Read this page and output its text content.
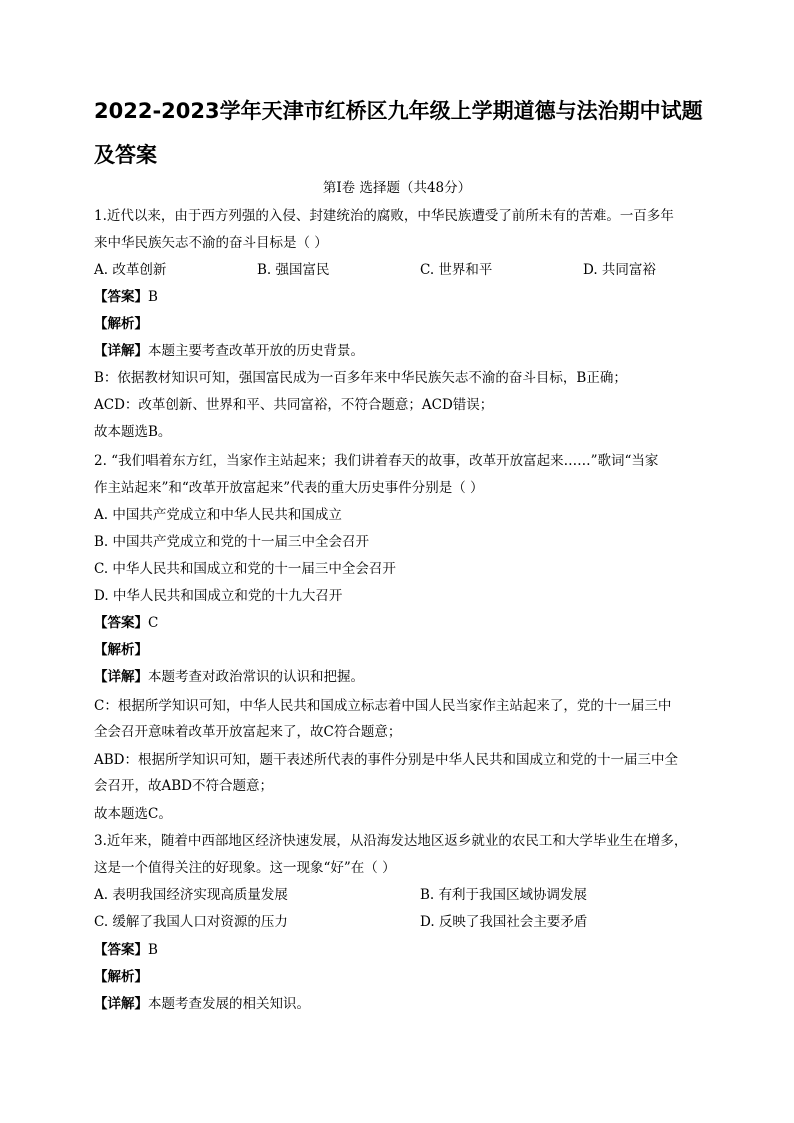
2022-2023学年天津市红桥区九年级上学期道德与法治期中试题
及答案
第Ⅰ卷 选择题（共48分）
1.近代以来，由于西方列强的入侵、封建统治的腐败，中华民族遭受了前所未有的苦难。一百多年
来中华民族矢志不渝的奋斗目标是（ ）
A. 改革创新	B. 强国富民	C. 世界和平	D. 共同富裕
【答案】B
【解析】
【详解】本题主要考查改革开放的历史背景。
B：依据教材知识可知，强国富民成为一百多年来中华民族矢志不渝的奋斗目标，B正确；
ACD：改革创新、世界和平、共同富裕，不符合题意；ACD错误；
故本题选B。
2. “我们唱着东方红，当家作主站起来；我们讲着春天的故事，改革开放富起来……”歌词“当家
作主站起来”和“改革开放富起来”代表的重大历史事件分别是（ ）
A. 中国共产党成立和中华人民共和国成立
B. 中国共产党成立和党的十一届三中全会召开
C. 中华人民共和国成立和党的十一届三中全会召开
D. 中华人民共和国成立和党的十九大召开
【答案】C
【解析】
【详解】本题考查对政治常识的认识和把握。
C：根据所学知识可知，中华人民共和国成立标志着中国人民当家作主站起来了，党的十一届三中
全会召开意味着改革开放富起来了，故C符合题意；
ABD：根据所学知识可知，题干表述所代表的事件分别是中华人民共和国成立和党的十一届三中全
会召开，故ABD不符合题意；
故本题选C。
3.近年来，随着中西部地区经济快速发展，从沿海发达地区返乡就业的农民工和大学毕业生在增多，
这是一个值得关注的好现象。这一现象“好”在（ ）
A. 表明我国经济实现高质量发展	B. 有利于我国区域协调发展
C. 缓解了我国人口对资源的压力	D. 反映了我国社会主要矛盾
【答案】B
【解析】
【详解】本题考查发展的相关知识。
